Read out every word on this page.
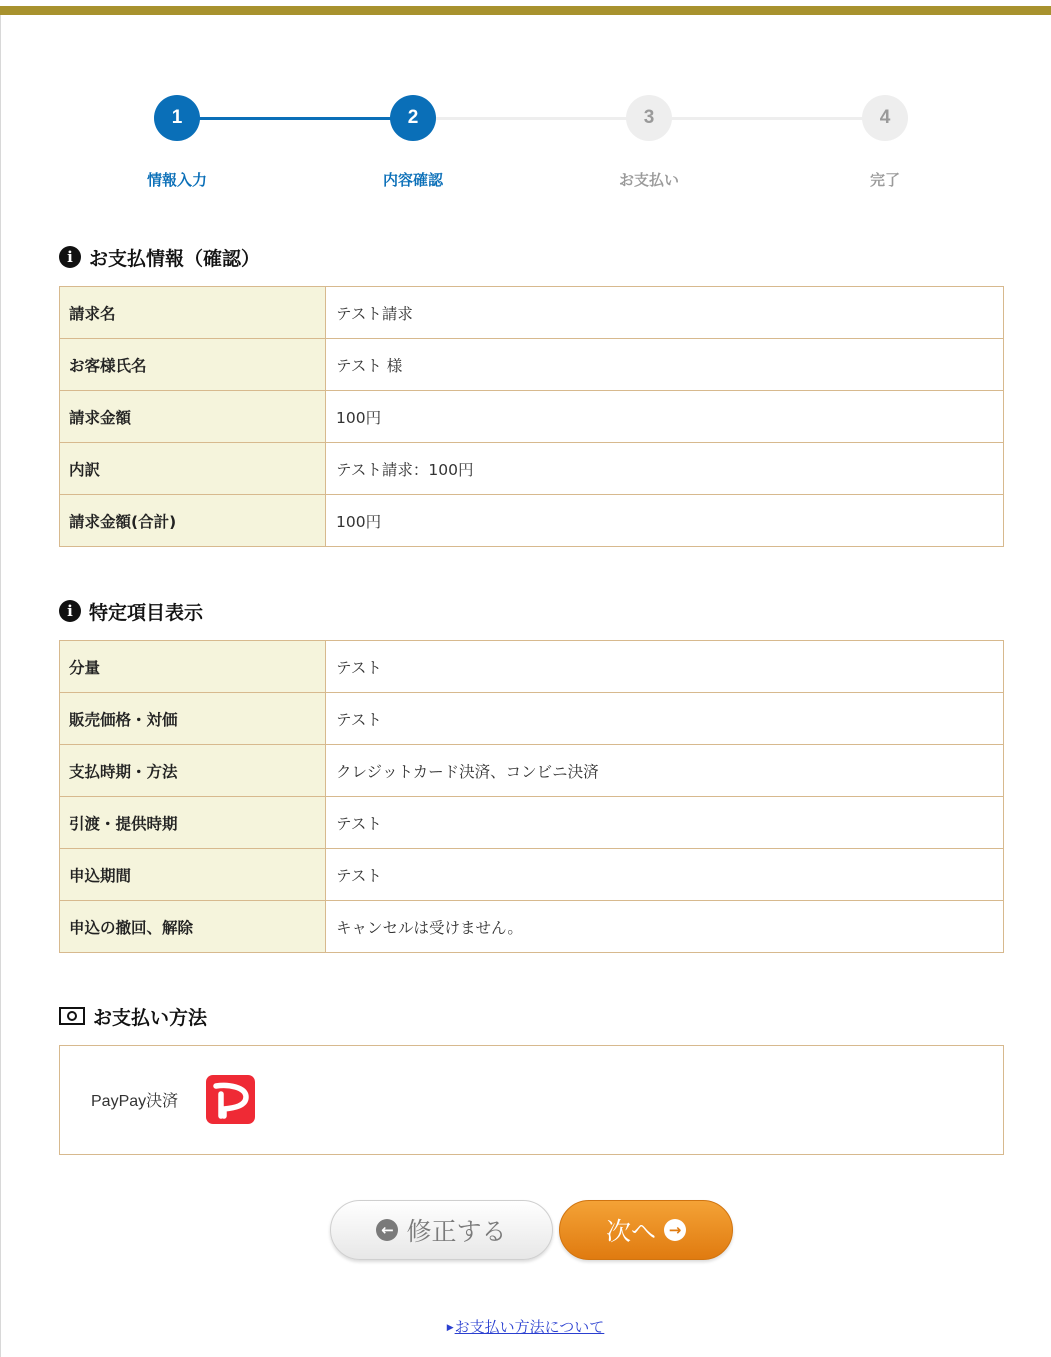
1	2	3	4
情報入力	内容確認	お支払い	完了
i お支払情報（確認）
請求名	テスト請求
お客様氏名	テスト 様
請求金額	100円
内訳	テスト請求：100円
請求金額(合計)	100円
i 特定項目表示
分量	テスト
販売価格・対価	テスト
支払時期・方法	クレジットカード決済、コンビニ決済
引渡・提供時期	テスト
申込期間	テスト
申込の撤回、解除	キャンセルは受けません。
お支払い方法
PayPay決済
← 修正する	次へ →
▶お支払い方法について
